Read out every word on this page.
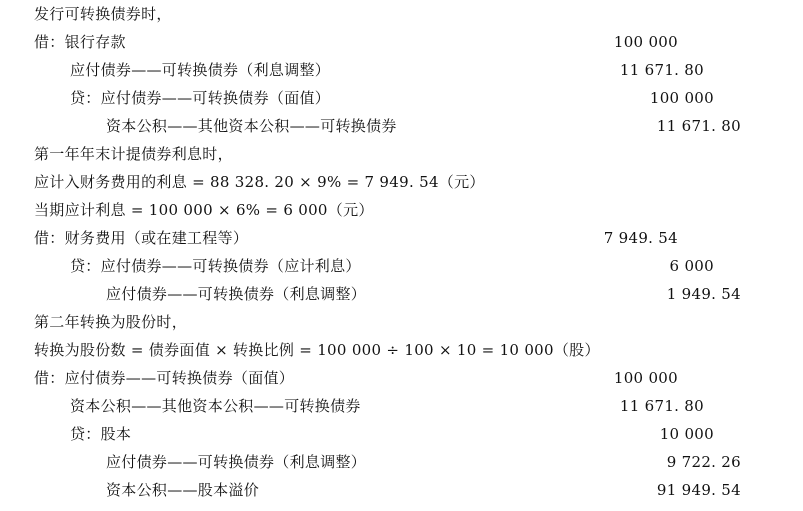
发行可转换债券时，
借：银行存款	100 000
应付债券——可转换债券（利息调整）	11 671. 80
贷：应付债券——可转换债券（面值）	100 000
资本公积——其他资本公积——可转换债券	11 671. 80
第一年年末计提债券利息时，
应计入财务费用的利息 = 88 328. 20 × 9% = 7 949. 54（元）
当期应计利息 = 100 000 × 6% = 6 000（元）
借：财务费用（或在建工程等）	7 949. 54
贷：应付债券——可转换债券（应计利息）	6 000
应付债券——可转换债券（利息调整）	1 949. 54
第二年转换为股份时，
转换为股份数 = 债券面值 × 转换比例 = 100 000 ÷ 100 × 10 = 10 000（股）
借：应付债券——可转换债券（面值）	100 000
资本公积——其他资本公积——可转换债券	11 671. 80
贷：股本	10 000
应付债券——可转换债券（利息调整）	9 722. 26
资本公积——股本溢价	91 949. 54
